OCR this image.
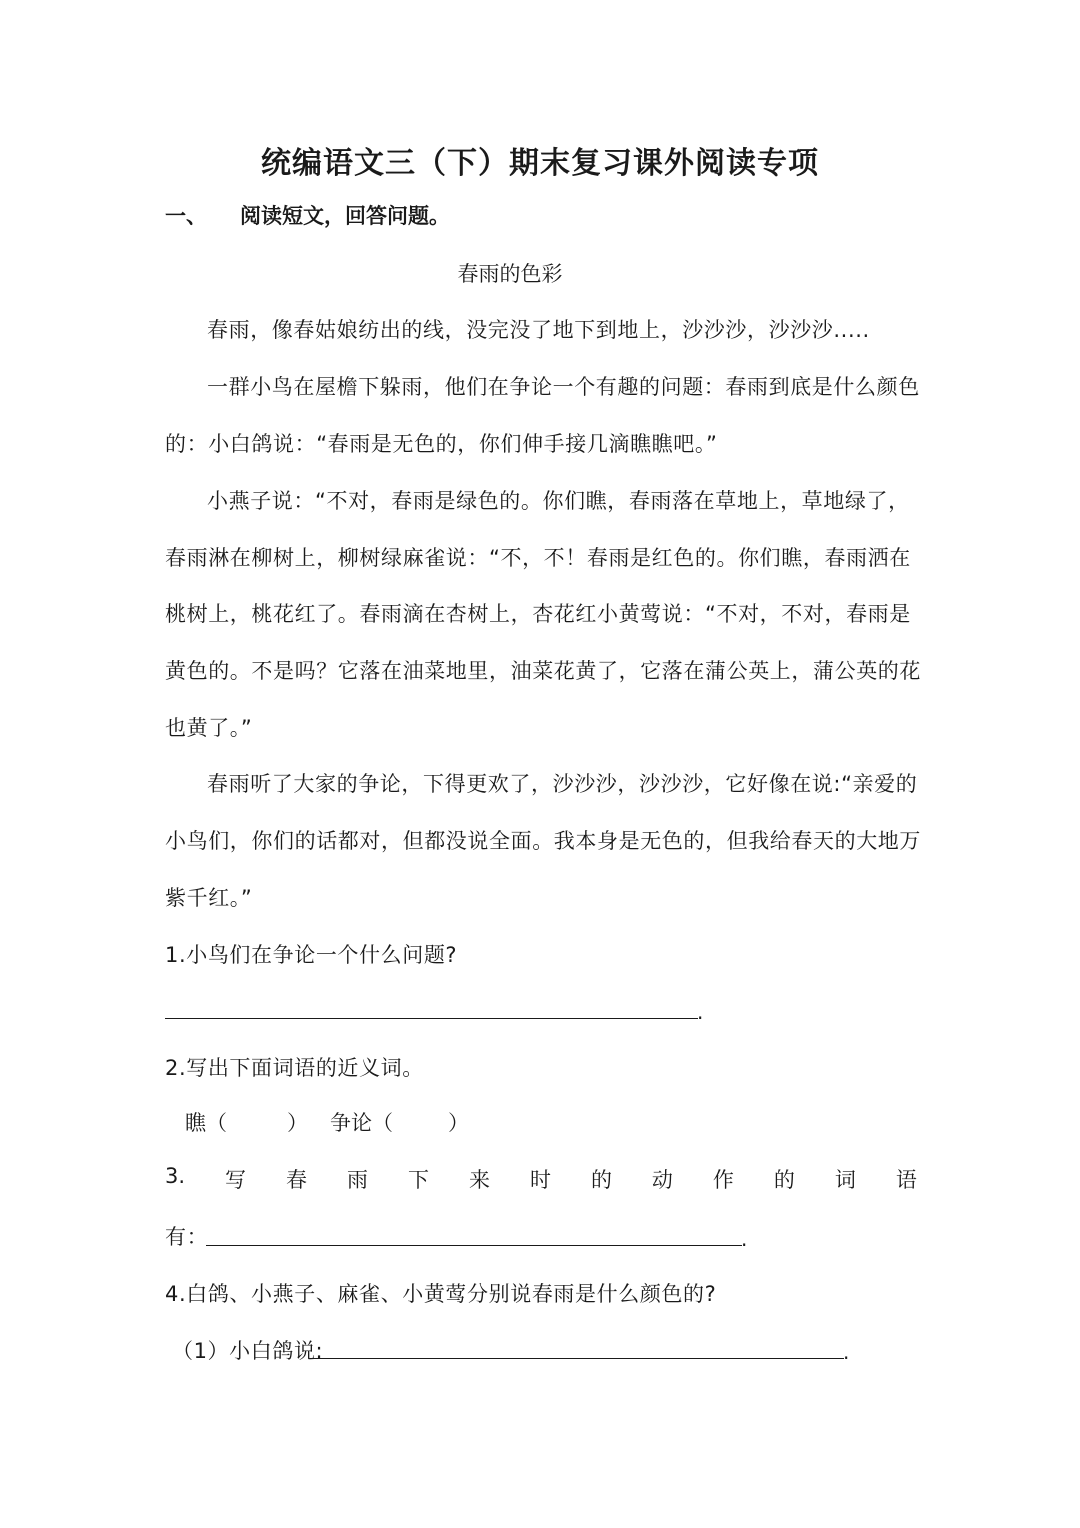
统编语文三（下）期末复习课外阅读专项
一、 阅读短文，回答问题。
春雨的色彩
春雨，像春姑娘纺出的线，没完没了地下到地上，沙沙沙，沙沙沙.....
一群小鸟在屋檐下躲雨，他们在争论一个有趣的问题：春雨到底是什么颜色
的：小白鸽说：“春雨是无色的，你们伸手接几滴瞧瞧吧。”
小燕子说：“不对，春雨是绿色的。你们瞧，春雨落在草地上，草地绿了，
春雨淋在柳树上，柳树绿麻雀说：“不，不！春雨是红色的。你们瞧，春雨洒在
桃树上，桃花红了。春雨滴在杏树上，杏花红小黄莺说：“不对，不对，春雨是
黄色的。不是吗？它落在油菜地里，油菜花黄了，它落在蒲公英上，蒲公英的花
也黄了。”
春雨听了大家的争论，下得更欢了，沙沙沙，沙沙沙，它好像在说:“亲爱的
小鸟们，你们的话都对，但都没说全面。我本身是无色的，但我给春天的大地万
紫千红。”
1.小鸟们在争论一个什么问题?
.
2.写出下面词语的近义词。
瞧（	） 争论（	）
3. 写 春 雨 下 来 时 的 动 作 的 词 语
有：	.
4.白鸽、小燕子、麻雀、小黄莺分别说春雨是什么颜色的?
（1）小白鸽说:	.
